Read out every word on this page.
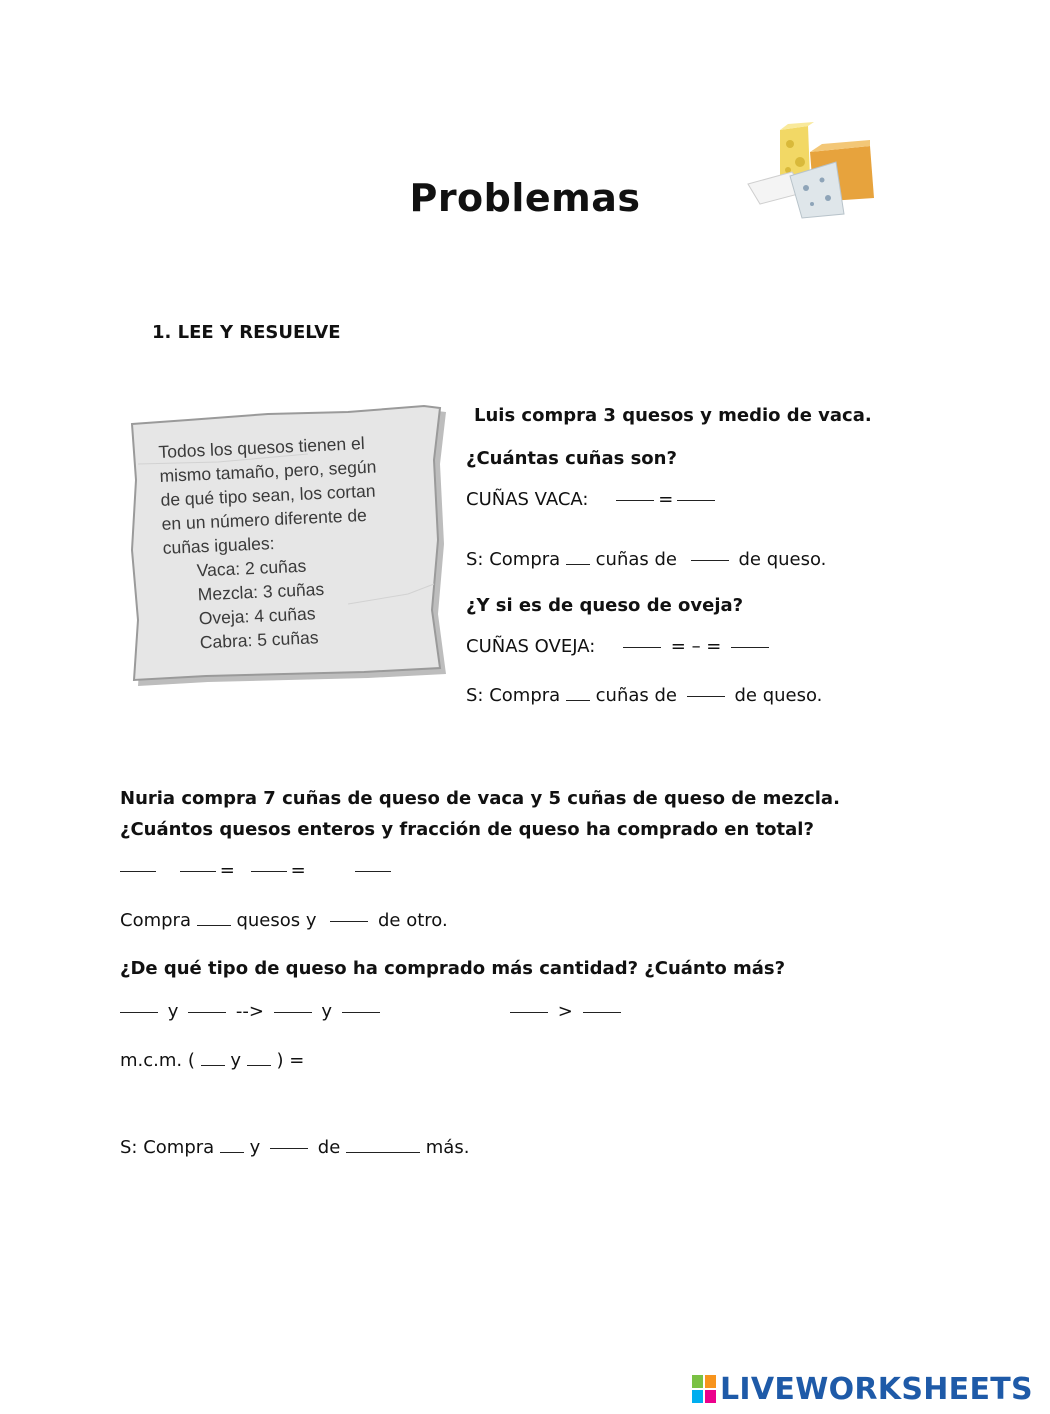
Problemas
1. LEE Y RESUELVE
Todos los quesos tienen el
mismo tamaño, pero, según
de qué tipo sean, los cortan
en un número diferente de
cuñas iguales:
Vaca: 2 cuñas
Mezcla: 3 cuñas
Oveja: 4 cuñas
Cabra: 5 cuñas
Luis compra 3 quesos y medio de vaca.
¿Cuántas cuñas son?
CUÑAS VACA:	=
S: Compra cuñas de	de queso.
¿Y si es de queso de oveja?
CUÑAS OVEJA:	= – =
S: Compra cuñas de	de queso.
Nuria compra 7 cuñas de queso de vaca y 5 cuñas de queso de mezcla.
¿Cuántos quesos enteros y fracción de queso ha comprado en total?
=	=
Compra	quesos y	de otro.
¿De qué tipo de queso ha comprado más cantidad? ¿Cuánto más?
y	-->	y	>
m.c.m. ( y ) =
S: Compra y	de	más.
LIVEWORKSHEETS
